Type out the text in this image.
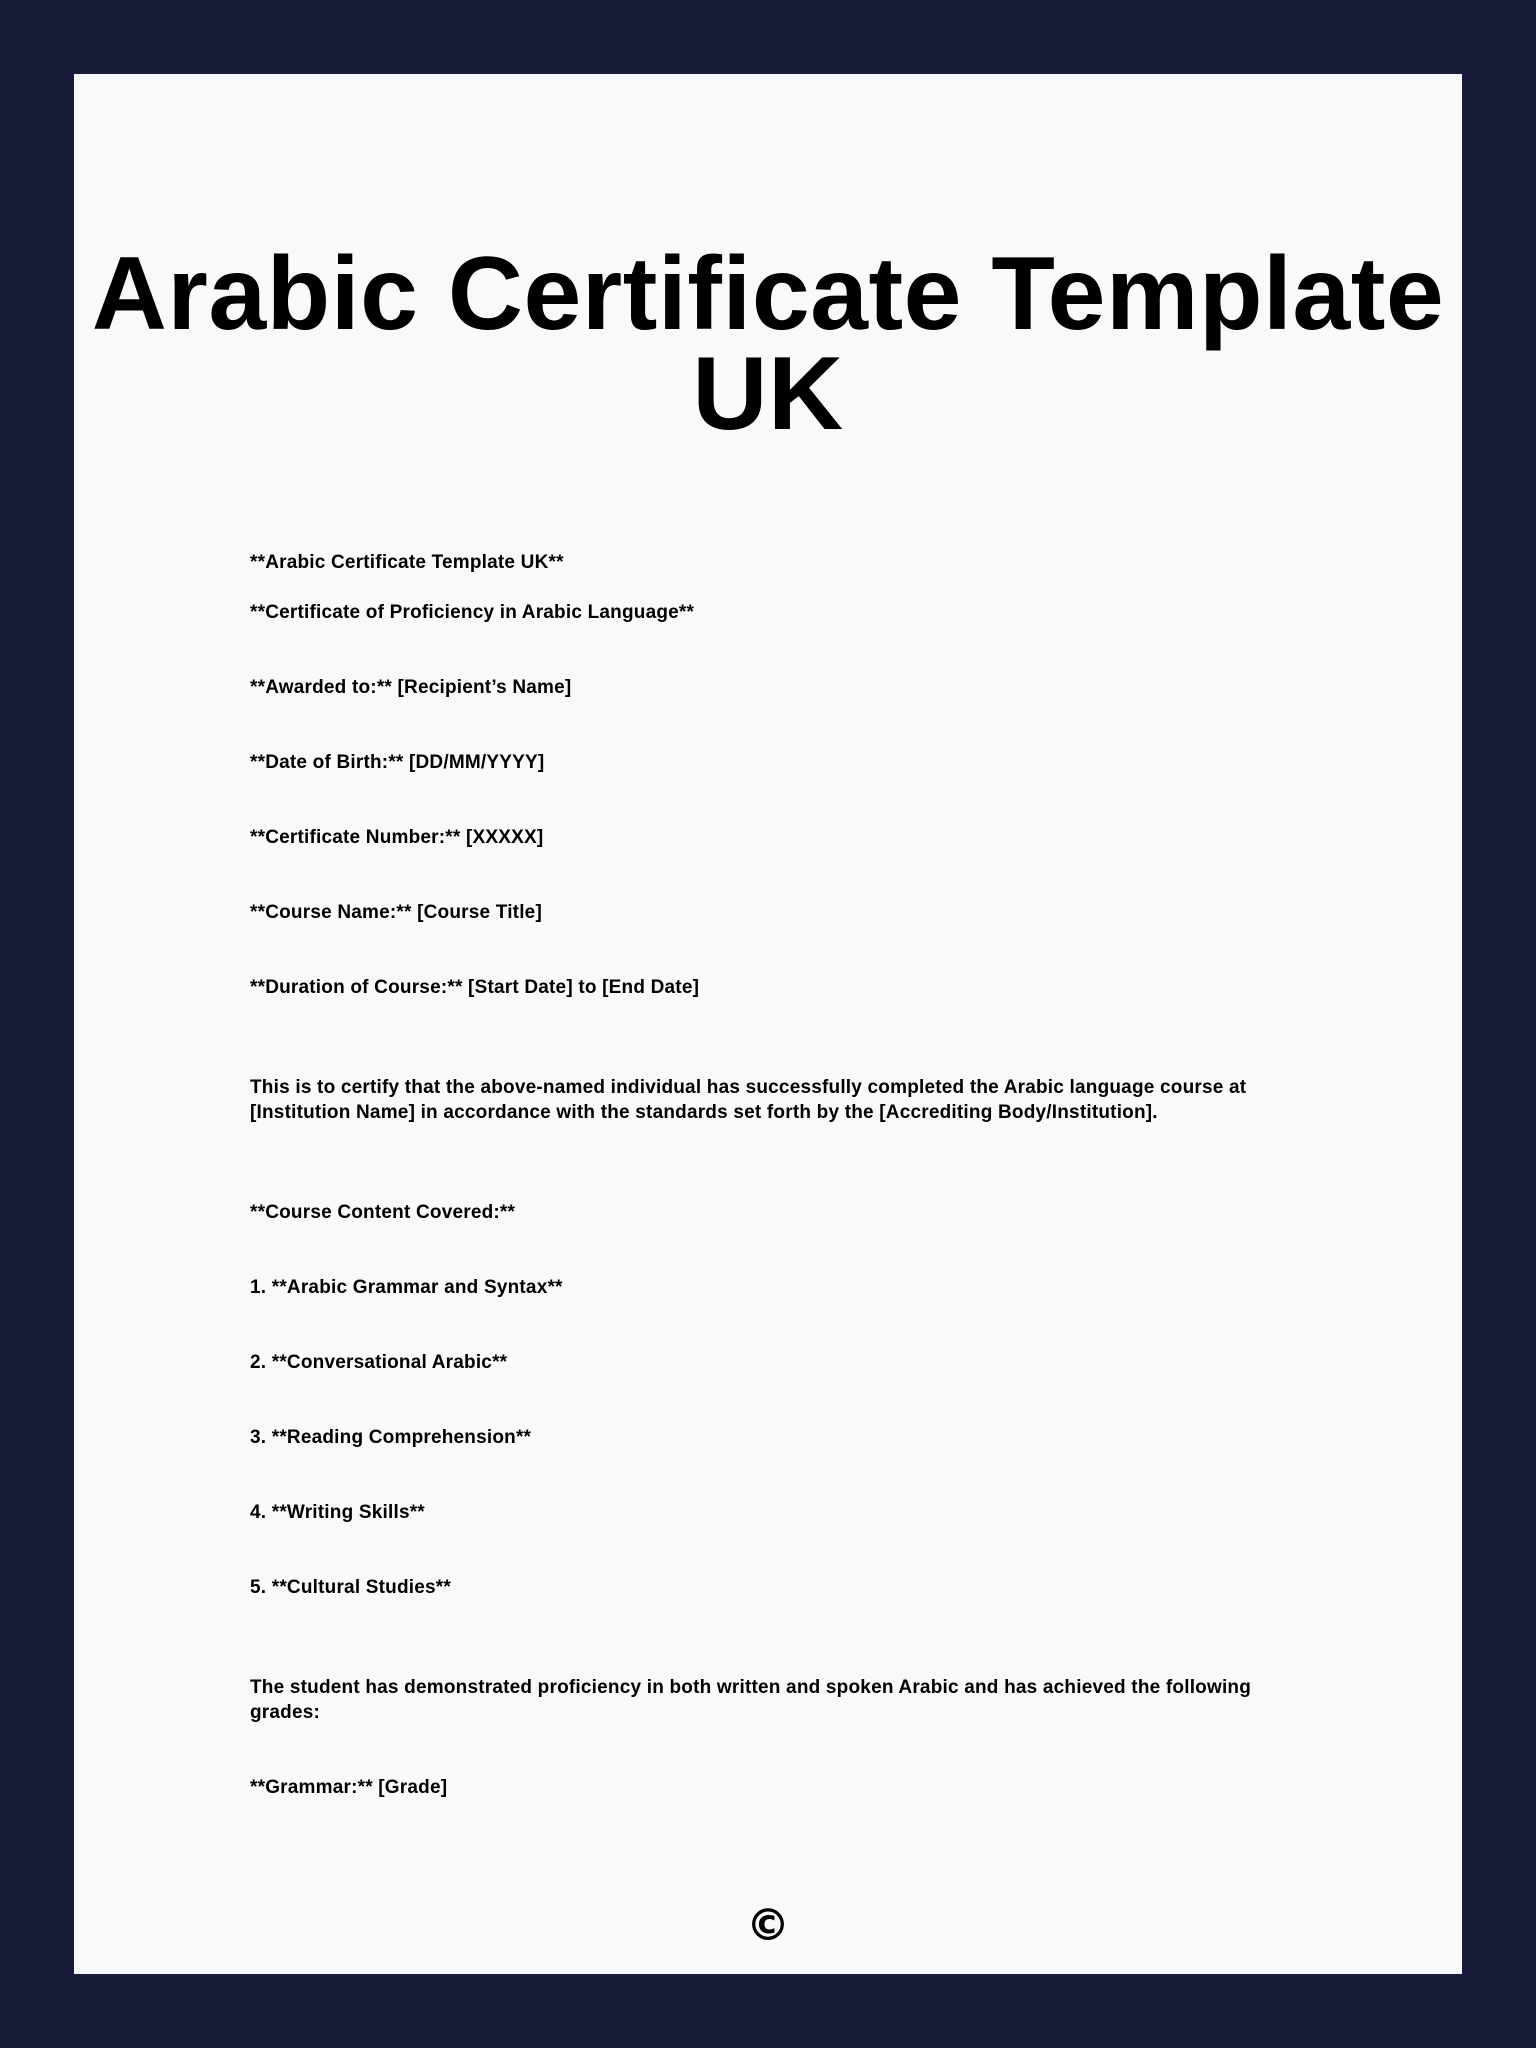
Arabic Certificate Template UK

**Arabic Certificate Template UK**

**Certificate of Proficiency in Arabic Language**

**Awarded to:** [Recipient’s Name]

**Date of Birth:** [DD/MM/YYYY]

**Certificate Number:** [XXXXX]

**Course Name:** [Course Title]

**Duration of Course:** [Start Date] to [End Date]

This is to certify that the above-named individual has successfully completed the Arabic language course at [Institution Name] in accordance with the standards set forth by the [Accrediting Body/Institution].

**Course Content Covered:**

1. **Arabic Grammar and Syntax**

2. **Conversational Arabic**

3. **Reading Comprehension**

4. **Writing Skills**

5. **Cultural Studies**

The student has demonstrated proficiency in both written and spoken Arabic and has achieved the following grades:

**Grammar:** [Grade]

©
